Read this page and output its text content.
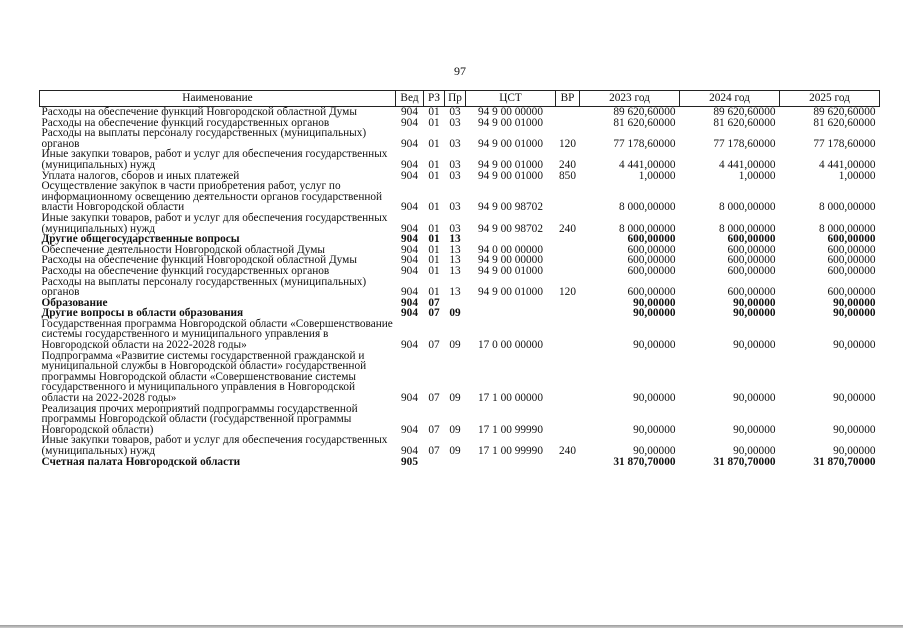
97
Наименование	Вед	РЗ	Пр	ЦСТ	ВР	2023 год	2024 год	2025 год
Расходы на обеспечение функций Новгородской областной Думы	904	01	03	94 9 00 00000		89 620,60000	89 620,60000	89 620,60000
Расходы на обеспечение функций государственных органов	904	01	03	94 9 00 01000		81 620,60000	81 620,60000	81 620,60000
Расходы на выплаты персоналу государственных (муниципальных) органов	904	01	03	94 9 00 01000	120	77 178,60000	77 178,60000	77 178,60000
Иные закупки товаров, работ и услуг для обеспечения государственных (муниципальных) нужд	904	01	03	94 9 00 01000	240	4 441,00000	4 441,00000	4 441,00000
Уплата налогов, сборов и иных платежей	904	01	03	94 9 00 01000	850	1,00000	1,00000	1,00000
Осуществление закупок в части приобретения работ, услуг по информационному освещению деятельности органов государственной власти Новгородской области	904	01	03	94 9 00 98702		8 000,00000	8 000,00000	8 000,00000
Иные закупки товаров, работ и услуг для обеспечения государственных (муниципальных) нужд	904	01	03	94 9 00 98702	240	8 000,00000	8 000,00000	8 000,00000
Другие общегосударственные вопросы	904	01	13			600,00000	600,00000	600,00000
Обеспечение деятельности Новгородской областной Думы	904	01	13	94 0 00 00000		600,00000	600,00000	600,00000
Расходы на обеспечение функций Новгородской областной Думы	904	01	13	94 9 00 00000		600,00000	600,00000	600,00000
Расходы на обеспечение функций государственных органов	904	01	13	94 9 00 01000		600,00000	600,00000	600,00000
Расходы на выплаты персоналу государственных (муниципальных) органов	904	01	13	94 9 00 01000	120	600,00000	600,00000	600,00000
Образование	904	07				90,00000	90,00000	90,00000
Другие вопросы в области образования	904	07	09			90,00000	90,00000	90,00000
Государственная программа Новгородской области «Совершенствование системы государственного и муниципального управления в Новгородской области на 2022-2028 годы»	904	07	09	17 0 00 00000		90,00000	90,00000	90,00000
Подпрограмма «Развитие системы государственной гражданской и муниципальной службы в Новгородской области» государственной программы Новгородской области «Совершенствование системы государственного и муниципального управления в Новгородской области на 2022-2028 годы»	904	07	09	17 1 00 00000		90,00000	90,00000	90,00000
Реализация прочих мероприятий подпрограммы государственной программы Новгородской области (государственной программы Новгородской области)	904	07	09	17 1 00 99990		90,00000	90,00000	90,00000
Иные закупки товаров, работ и услуг для обеспечения государственных (муниципальных) нужд	904	07	09	17 1 00 99990	240	90,00000	90,00000	90,00000
Счетная палата Новгородской области	905					31 870,70000	31 870,70000	31 870,70000
